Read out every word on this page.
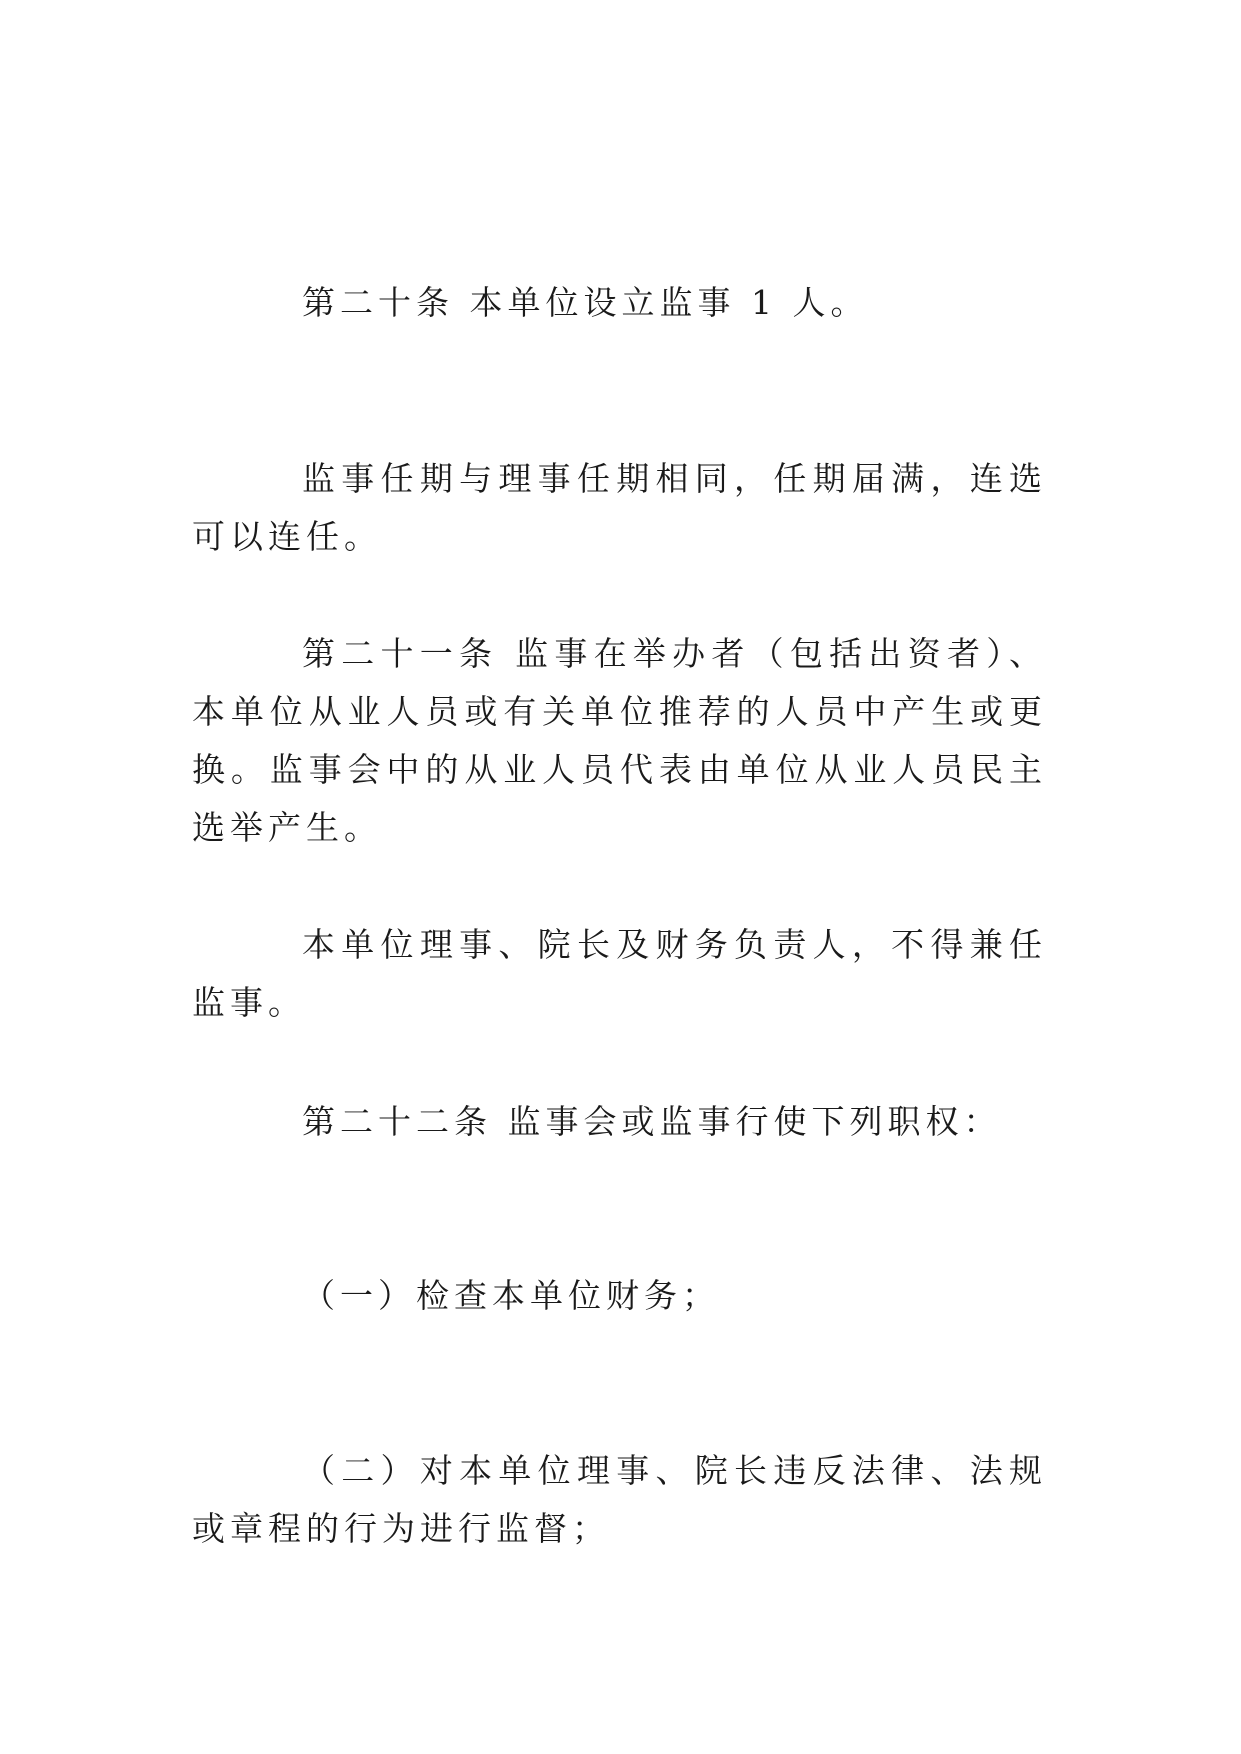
第二十条 本单位设立监事 1 人。

监事任期与理事任期相同，任期届满，连选可以连任。

第二十一条 监事在举办者（包括出资者）、本单位从业人员或有关单位推荐的人员中产生或更换。监事会中的从业人员代表由单位从业人员民主选举产生。

本单位理事、院长及财务负责人，不得兼任监事。

第二十二条 监事会或监事行使下列职权：

（一）检查本单位财务；

（二）对本单位理事、院长违反法律、法规或章程的行为进行监督；
